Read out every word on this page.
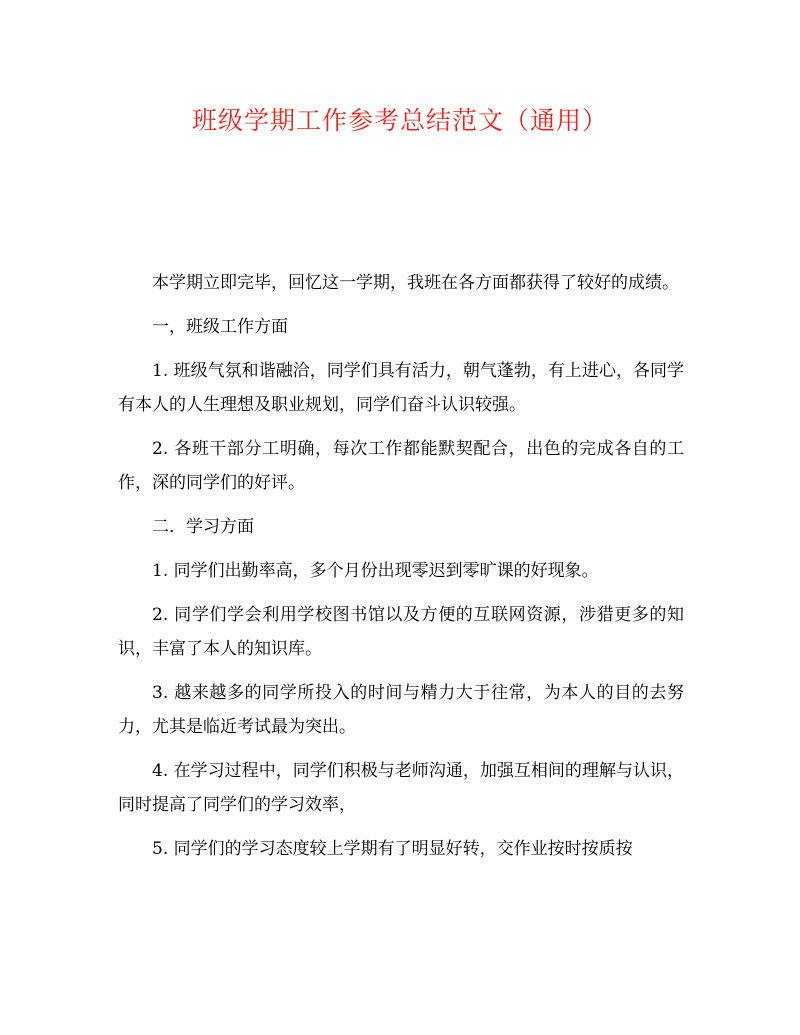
班级学期工作参考总结范文（通用）

本学期立即完毕，回忆这一学期，我班在各方面都获得了较好的成绩。

一，班级工作方面

1. 班级气氛和谐融洽，同学们具有活力，朝气蓬勃，有上进心，各同学有本人的人生理想及职业规划，同学们奋斗认识较强。

2. 各班干部分工明确，每次工作都能默契配合，出色的完成各自的工作，深的同学们的好评。

二．学习方面

1. 同学们出勤率高，多个月份出现零迟到零旷课的好现象。

2. 同学们学会利用学校图书馆以及方便的互联网资源，涉猎更多的知识，丰富了本人的知识库。

3. 越来越多的同学所投入的时间与精力大于往常，为本人的目的去努力，尤其是临近考试最为突出。

4. 在学习过程中，同学们积极与老师沟通，加强互相间的理解与认识，同时提高了同学们的学习效率，

5. 同学们的学习态度较上学期有了明显好转，交作业按时按质按
